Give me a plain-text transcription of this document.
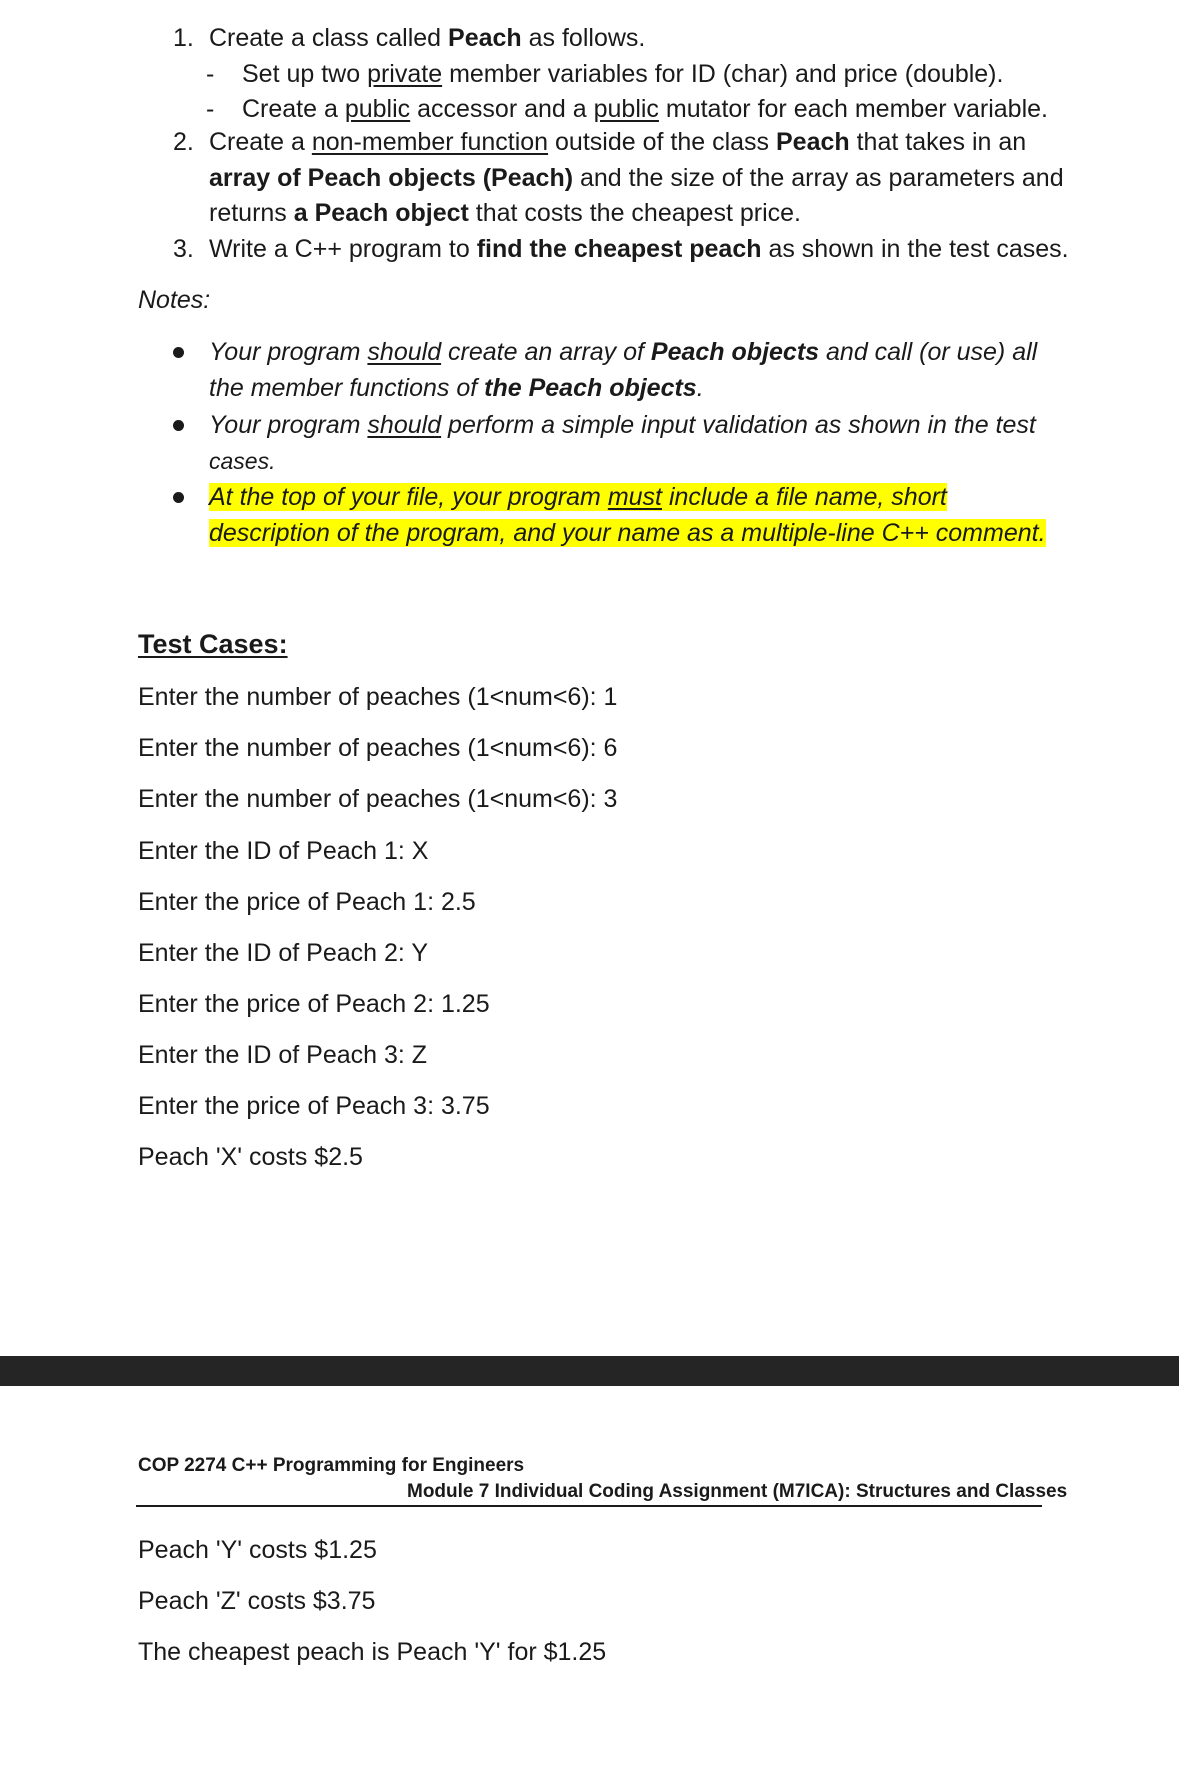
1. Create a class called Peach as follows.
- Set up two private member variables for ID (char) and price (double).
- Create a public accessor and a public mutator for each member variable.
2. Create a non-member function outside of the class Peach that takes in an
array of Peach objects (Peach) and the size of the array as parameters and
returns a Peach object that costs the cheapest price.
3. Write a C++ program to find the cheapest peach as shown in the test cases.
Notes:
Your program should create an array of Peach objects and call (or use) all
the member functions of the Peach objects.
Your program should perform a simple input validation as shown in the test
cases.
At the top of your file, your program must include a file name, short
description of the program, and your name as a multiple-line C++ comment.
Test Cases:
Enter the number of peaches (1<num<6): 1
Enter the number of peaches (1<num<6): 6
Enter the number of peaches (1<num<6): 3
Enter the ID of Peach 1: X
Enter the price of Peach 1: 2.5
Enter the ID of Peach 2: Y
Enter the price of Peach 2: 1.25
Enter the ID of Peach 3: Z
Enter the price of Peach 3: 3.75
Peach 'X' costs $2.5
COP 2274 C++ Programming for Engineers
Module 7 Individual Coding Assignment (M7ICA): Structures and Classes
Peach 'Y' costs $1.25
Peach 'Z' costs $3.75
The cheapest peach is Peach 'Y' for $1.25
